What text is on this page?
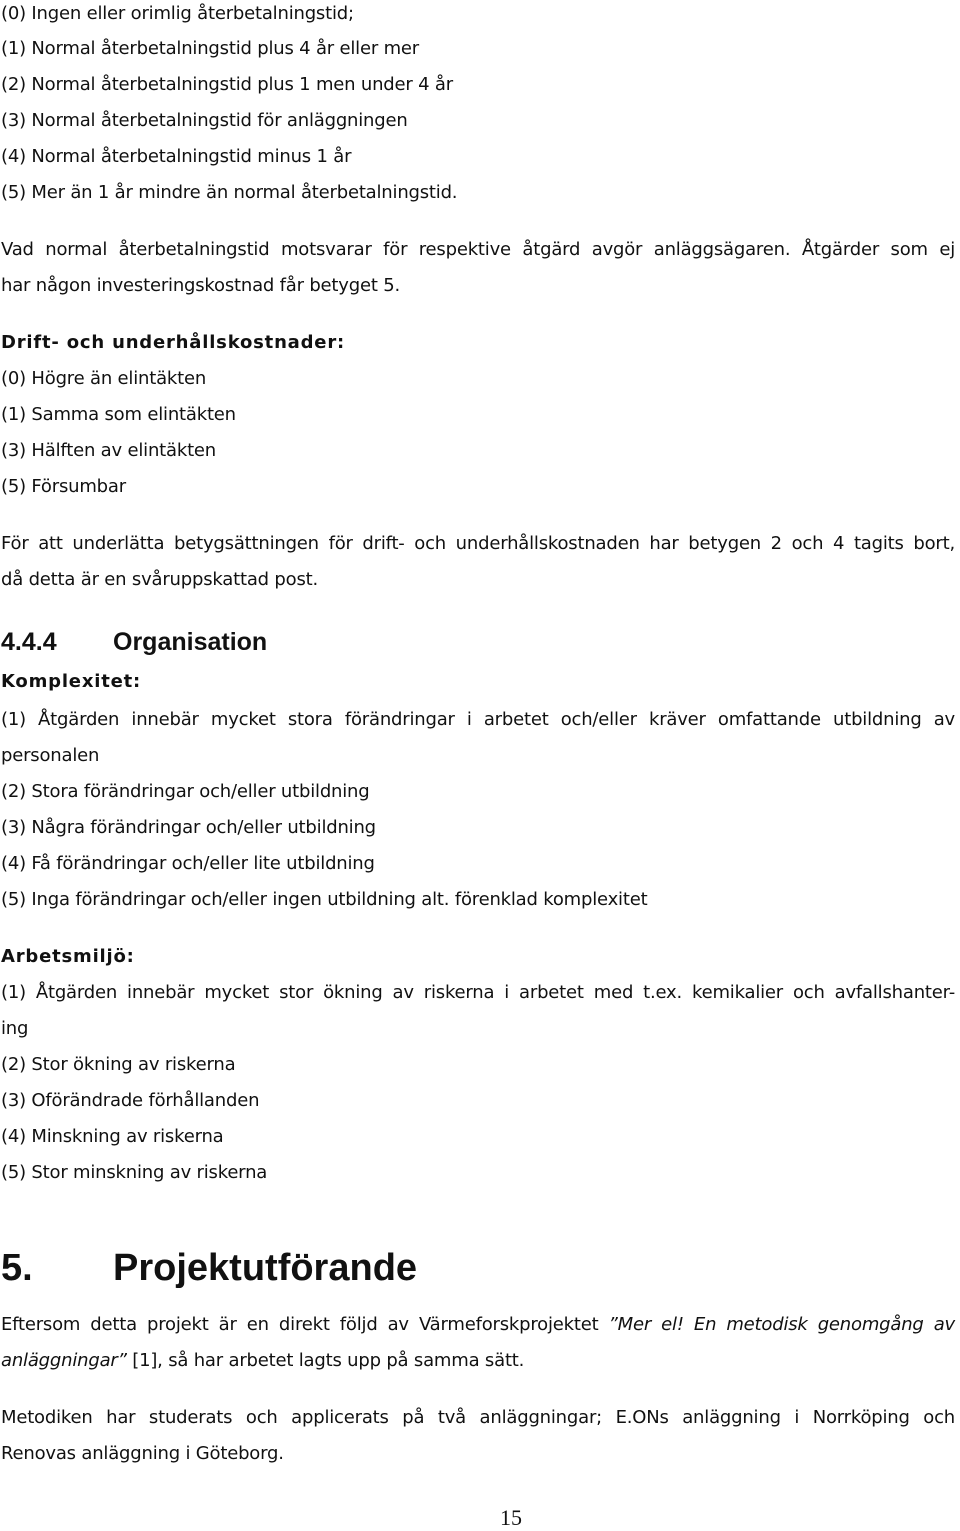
(0) Ingen eller orimlig återbetalningstid;

(1) Normal återbetalningstid plus 4 år eller mer

(2) Normal återbetalningstid plus 1 men under 4 år

(3) Normal återbetalningstid för anläggningen

(4) Normal återbetalningstid minus 1 år

(5) Mer än 1 år mindre än normal återbetalningstid.

Vad normal återbetalningstid motsvarar för respektive åtgärd avgör anläggsägaren. Åtgärder som ej

har någon investeringskostnad får betyget 5.

Drift- och underhållskostnader:

(0) Högre än elintäkten

(1) Samma som elintäkten

(3) Hälften av elintäkten

(5) Försumbar

För att underlätta betygsättningen för drift- och underhållskostnaden har betygen 2 och 4 tagits bort,

då detta är en svåruppskattad post.

4.4.4 Organisation

Komplexitet:

(1) Åtgärden innebär mycket stora förändringar i arbetet och/eller kräver omfattande utbildning av

personalen

(2) Stora förändringar och/eller utbildning

(3) Några förändringar och/eller utbildning

(4) Få förändringar och/eller lite utbildning

(5) Inga förändringar och/eller ingen utbildning alt. förenklad komplexitet

Arbetsmiljö:

(1) Åtgärden innebär mycket stor ökning av riskerna i arbetet med t.ex. kemikalier och avfallshanter-

ing

(2) Stor ökning av riskerna

(3) Oförändrade förhållanden

(4) Minskning av riskerna

(5) Stor minskning av riskerna

5. Projektutförande

Eftersom detta projekt är en direkt följd av Värmeforskprojektet ”Mer el! En metodisk genomgång av

anläggningar” [1], så har arbetet lagts upp på samma sätt.

Metodiken har studerats och applicerats på två anläggningar; E.ONs anläggning i Norrköping och

Renovas anläggning i Göteborg.

15
